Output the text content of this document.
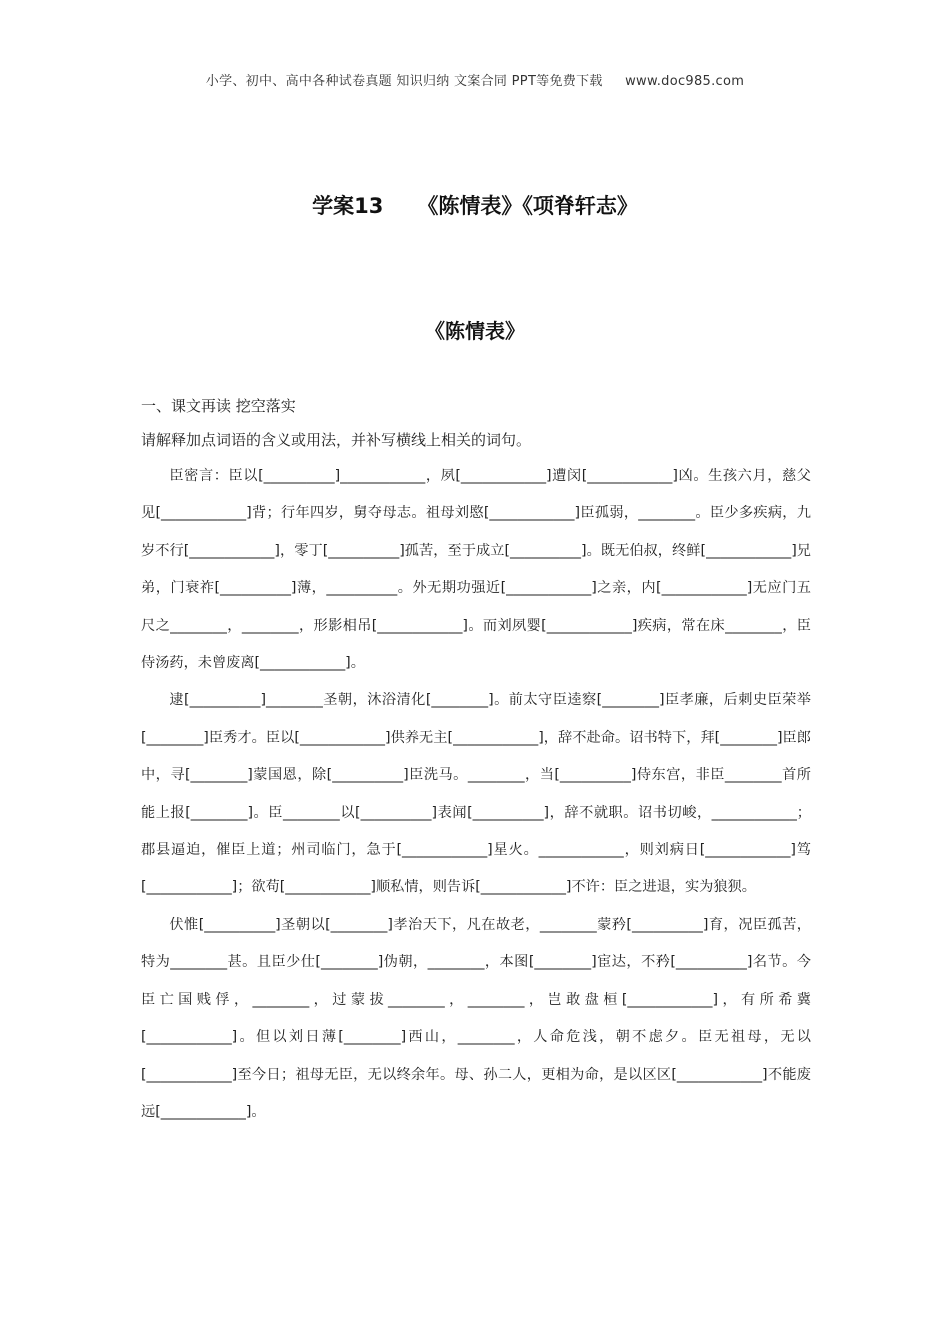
小学、初中、高中各种试卷真题 知识归纳 文案合同 PPT等免费下载 www.doc985.com
学案13 《陈情表》《项脊轩志》
《陈情表》
一、课文再读 挖空落实
请解释加点词语的含义或用法，并补写横线上相关的词句。

臣密言：臣以[__________]____________，夙[____________]遭闵[____________]凶。生孩六月，慈父见[____________]背；行年四岁，舅夺母志。祖母刘愍[____________]臣孤弱，________。臣少多疾病，九岁不行[____________]，零丁[__________]孤苦，至于成立[__________]。既无伯叔，终鲜[____________]兄弟，门衰祚[__________]薄，__________。外无期功强近[____________]之亲，内[____________]无应门五尺之________，________，形影相吊[____________]。而刘夙婴[____________]疾病，常在床________，臣侍汤药，未曾废离[____________]。

逮[__________]________圣朝，沐浴清化[________]。前太守臣逵察[________]臣孝廉，后刺史臣荣举[________]臣秀才。臣以[____________]供养无主[____________]，辞不赴命。诏书特下，拜[________]臣郎中，寻[________]蒙国恩，除[__________]臣洗马。________，当[__________]侍东宫，非臣________首所能上报[________]。臣________以[__________]表闻[__________]，辞不就职。诏书切峻，____________；郡县逼迫，催臣上道；州司临门，急于[____________]星火。____________，则刘病日[____________]笃[____________]；欲苟[____________]顺私情，则告诉[____________]不许：臣之进退，实为狼狈。

伏惟[__________]圣朝以[________]孝治天下，凡在故老，________蒙矜[__________]育，况臣孤苦，特为________甚。且臣少仕[________]伪朝，________，本图[________]宦达，不矜[__________]名节。今臣亡国贱俘，________，过蒙拔________，________，岂敢盘桓[____________]，有所希冀[____________]。但以刘日薄[________]西山，________，人命危浅，朝不虑夕。臣无祖母，无以[____________]至今日；祖母无臣，无以终余年。母、孙二人，更相为命，是以区区[____________]不能废远[____________]。
